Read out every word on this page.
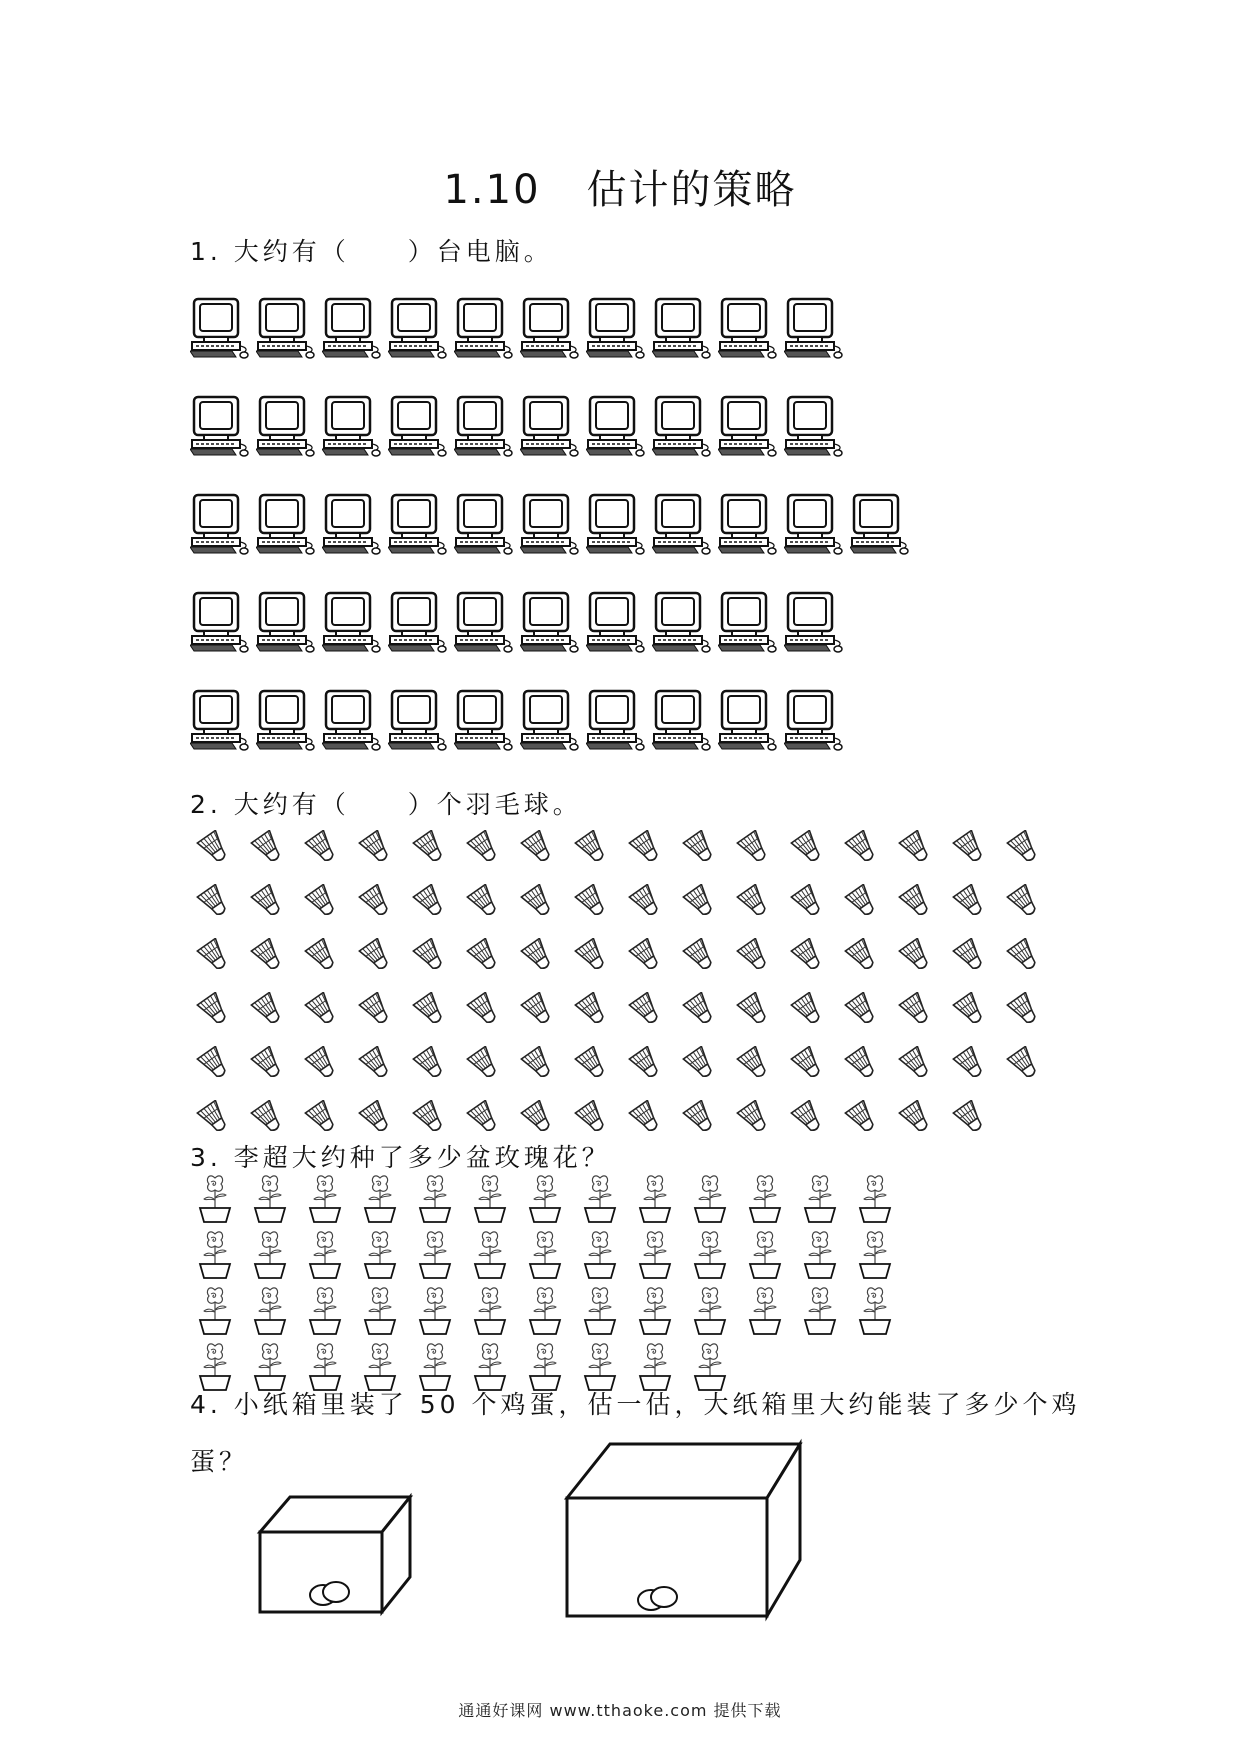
1.10 估计的策略
1. 大约有（　　）台电脑。
2. 大约有（　　）个羽毛球。
3. 李超大约种了多少盆玫瑰花？
4. 小纸箱里装了 50 个鸡蛋，估一估，大纸箱里大约能装了多少个鸡
蛋？
通通好课网 www.tthaoke.com 提供下载
